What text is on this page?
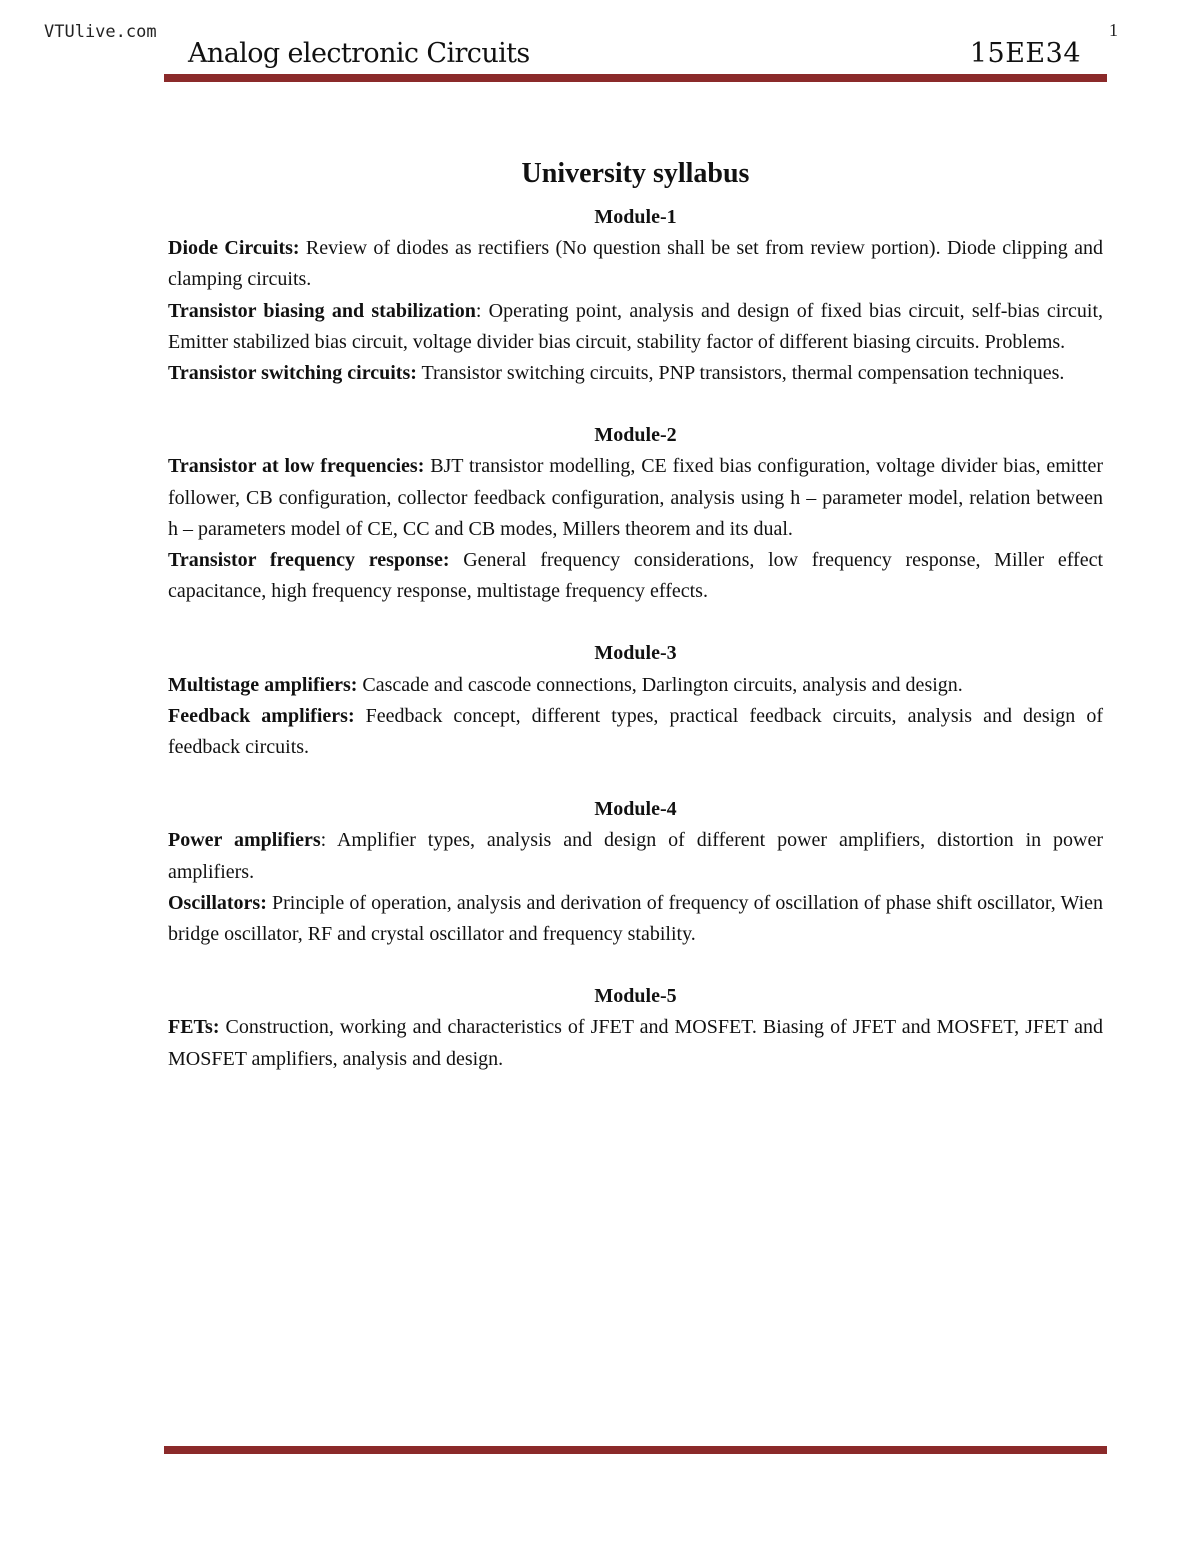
VTUlive.com	1
Analog electronic Circuits	15EE34
University syllabus

Module-1

Diode Circuits: Review of diodes as rectifiers (No question shall be set from review portion). Diode clipping and clamping circuits.

Transistor biasing and stabilization: Operating point, analysis and design of fixed bias circuit, self-bias circuit, Emitter stabilized bias circuit, voltage divider bias circuit, stability factor of different biasing circuits. Problems.

Transistor switching circuits: Transistor switching circuits, PNP transistors, thermal compensation techniques.

Module-2

Transistor at low frequencies: BJT transistor modelling, CE fixed bias configuration, voltage divider bias, emitter follower, CB configuration, collector feedback configuration, analysis using h – parameter model, relation between h – parameters model of CE, CC and CB modes, Millers theorem and its dual.

Transistor frequency response: General frequency considerations, low frequency response, Miller effect capacitance, high frequency response, multistage frequency effects.

Module-3

Multistage amplifiers: Cascade and cascode connections, Darlington circuits, analysis and design.

Feedback amplifiers: Feedback concept, different types, practical feedback circuits, analysis and design of feedback circuits.

Module-4

Power amplifiers: Amplifier types, analysis and design of different power amplifiers, distortion in power amplifiers.

Oscillators: Principle of operation, analysis and derivation of frequency of oscillation of phase shift oscillator, Wien bridge oscillator, RF and crystal oscillator and frequency stability.

Module-5

FETs: Construction, working and characteristics of JFET and MOSFET. Biasing of JFET and MOSFET, JFET and MOSFET amplifiers, analysis and design.
